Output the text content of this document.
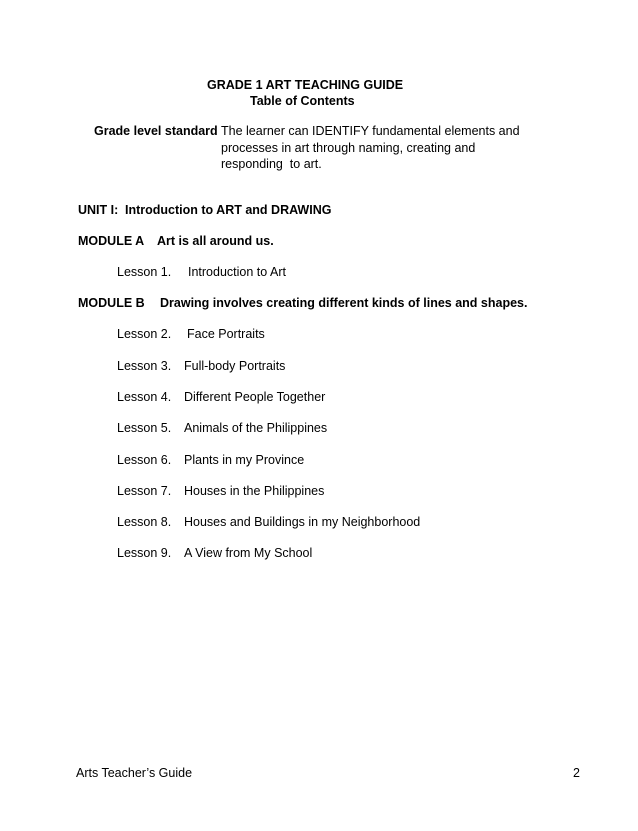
GRADE 1 ART TEACHING GUIDE
Table of Contents
Grade level standard The learner can IDENTIFY fundamental elements and
processes in art through naming, creating and
responding  to art.
UNIT I: Introduction to ART and DRAWING
MODULE A Art is all around us.
Lesson 1. Introduction to Art
MODULE B Drawing involves creating different kinds of lines and shapes.
Lesson 2. Face Portraits
Lesson 3. Full-body Portraits
Lesson 4. Different People Together
Lesson 5. Animals of the Philippines
Lesson 6. Plants in my Province
Lesson 7. Houses in the Philippines
Lesson 8. Houses and Buildings in my Neighborhood
Lesson 9. A View from My School
Arts Teacher’s Guide	2
